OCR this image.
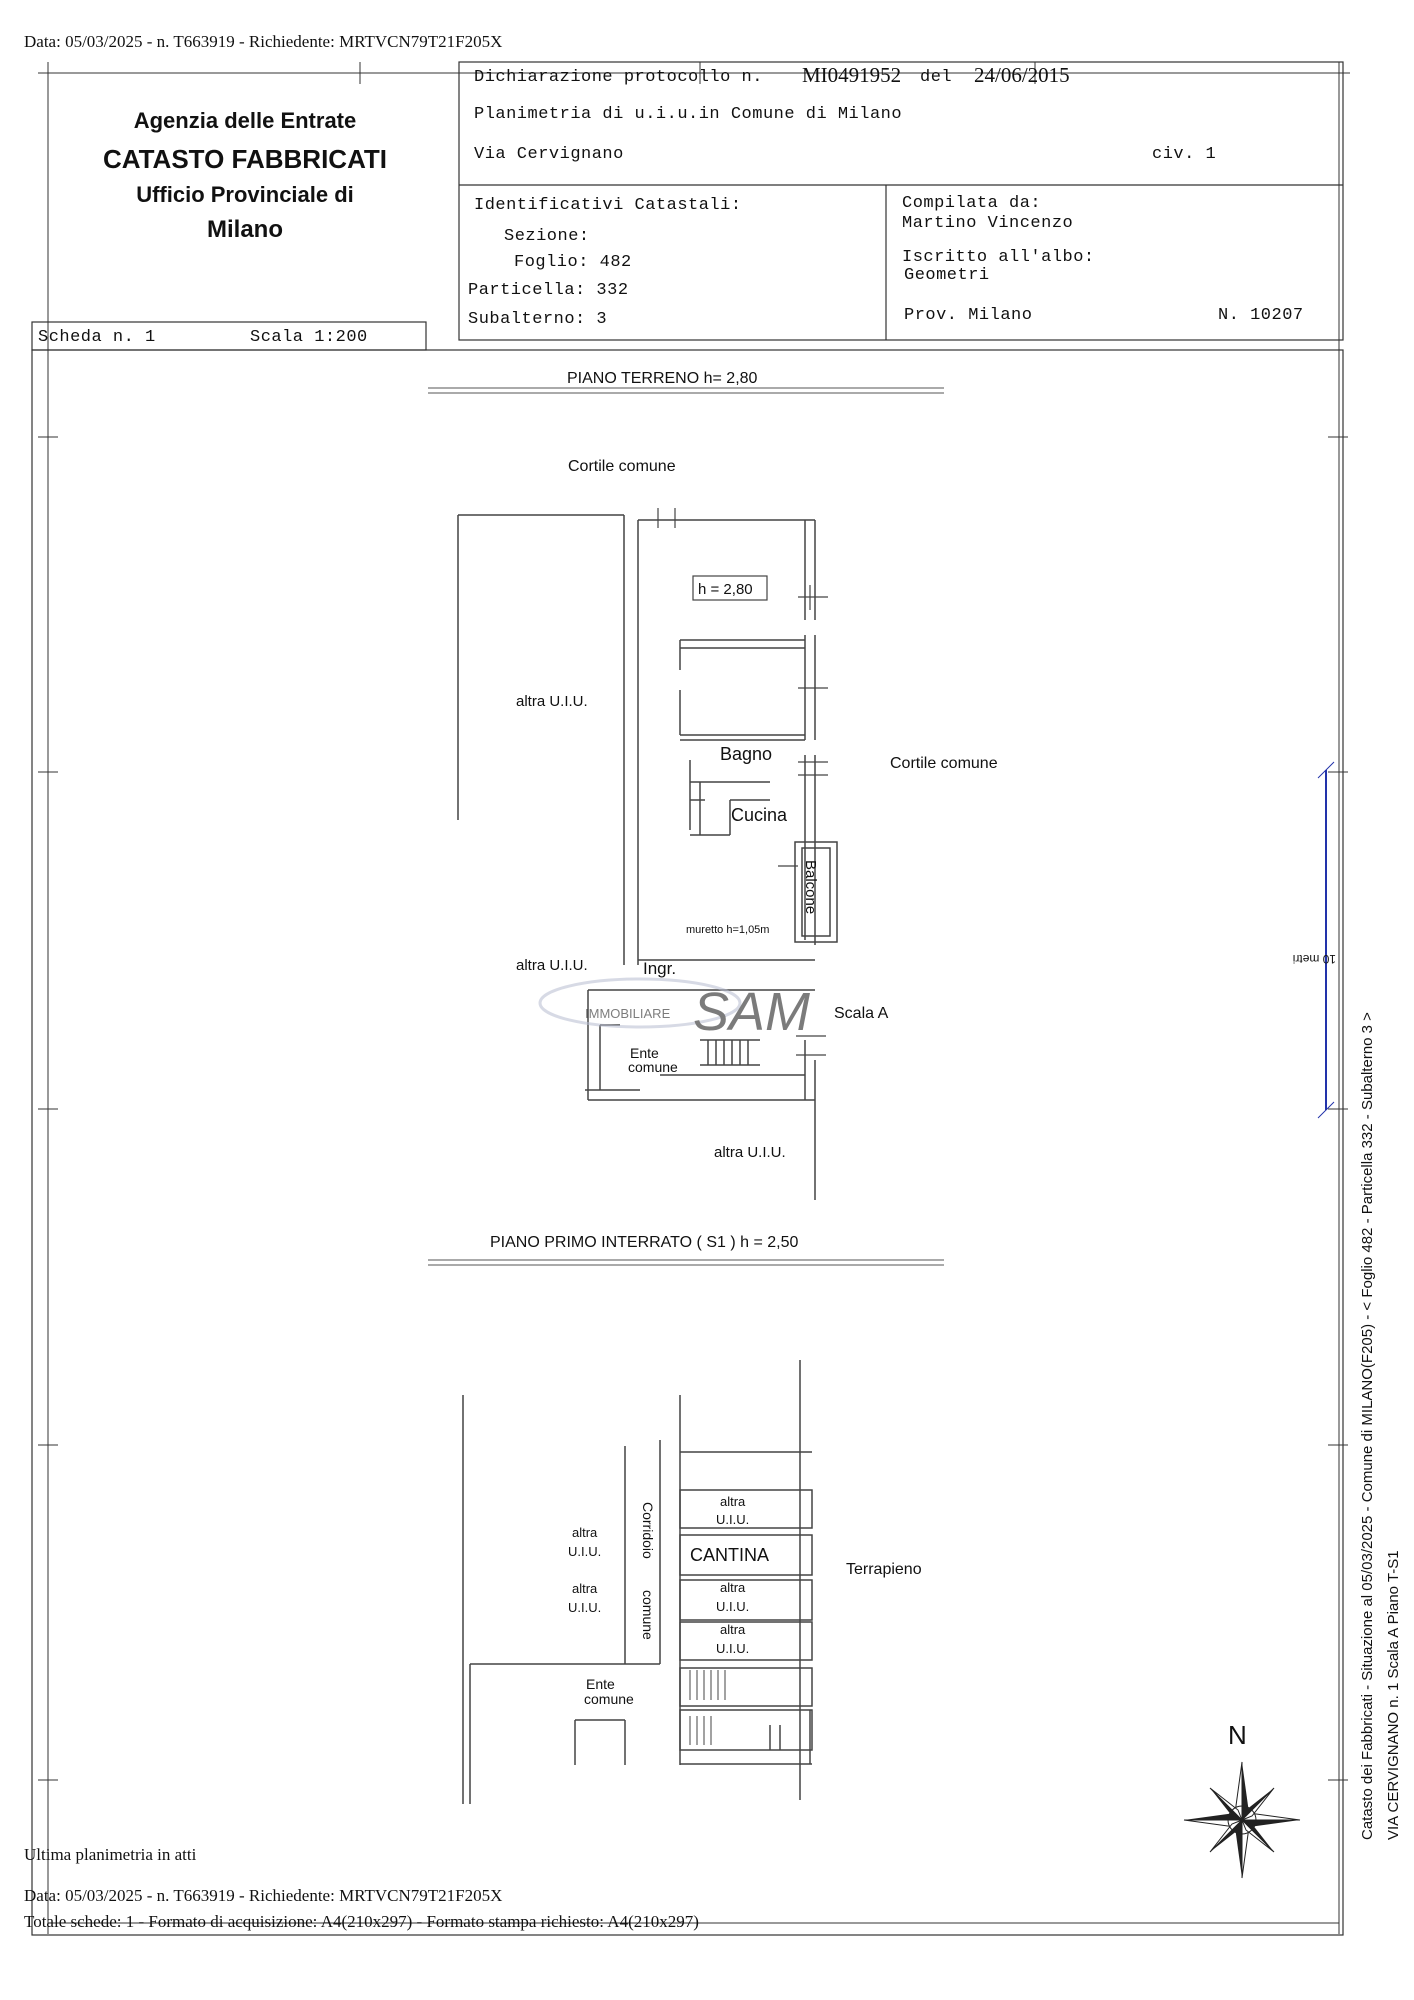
Data: 05/03/2025 - n. T663919 - Richiedente: MRTVCN79T21F205X
Agenzia delle Entrate
CATASTO FABBRICATI
Ufficio Provinciale di
Milano
Dichiarazione protocollo n. MI0491952 del 24/06/2015
Planimetria di u.i.u.in Comune di Milano
Via Cervignano	civ. 1
Identificativi Catastali:
Sezione:
Foglio: 482
Particella: 332
Subalterno: 3
Compilata da:
Martino Vincenzo
Iscritto all'albo:
Geometri
Prov. Milano	N. 10207
Scheda n. 1	Scala 1:200
PIANO TERRENO h= 2,80
Cortile comune
Cortile comune
altra U.I.U.
altra U.I.U.
altra U.I.U.
h = 2,80
Bagno
Cucina
Balcone
muretto h=1,05m
Ingr.
Scala A
Ente
comune
IMMOBILIARE SAM
PIANO PRIMO INTERRATO ( S1 ) h = 2,50
Terrapieno
CANTINA
Corridoio
comune
altra
U.I.U.
altra
U.I.U.
altra
U.I.U.
altra
U.I.U.
altra
U.I.U.
Ente
comune
10 metri
N	Catasto dei Fabbricati - Situazione al 05/03/2025 - Comune di MILANO(F205) - < Foglio 482 - Particella 332 - Subalterno 3 > VIA CERVIGNANO n. 1 Scala A Piano T-S1
Ultima planimetria in atti
Data: 05/03/2025 - n. T663919 - Richiedente: MRTVCN79T21F205X
Totale schede: 1 - Formato di acquisizione: A4(210x297) - Formato stampa richiesto: A4(210x297)
